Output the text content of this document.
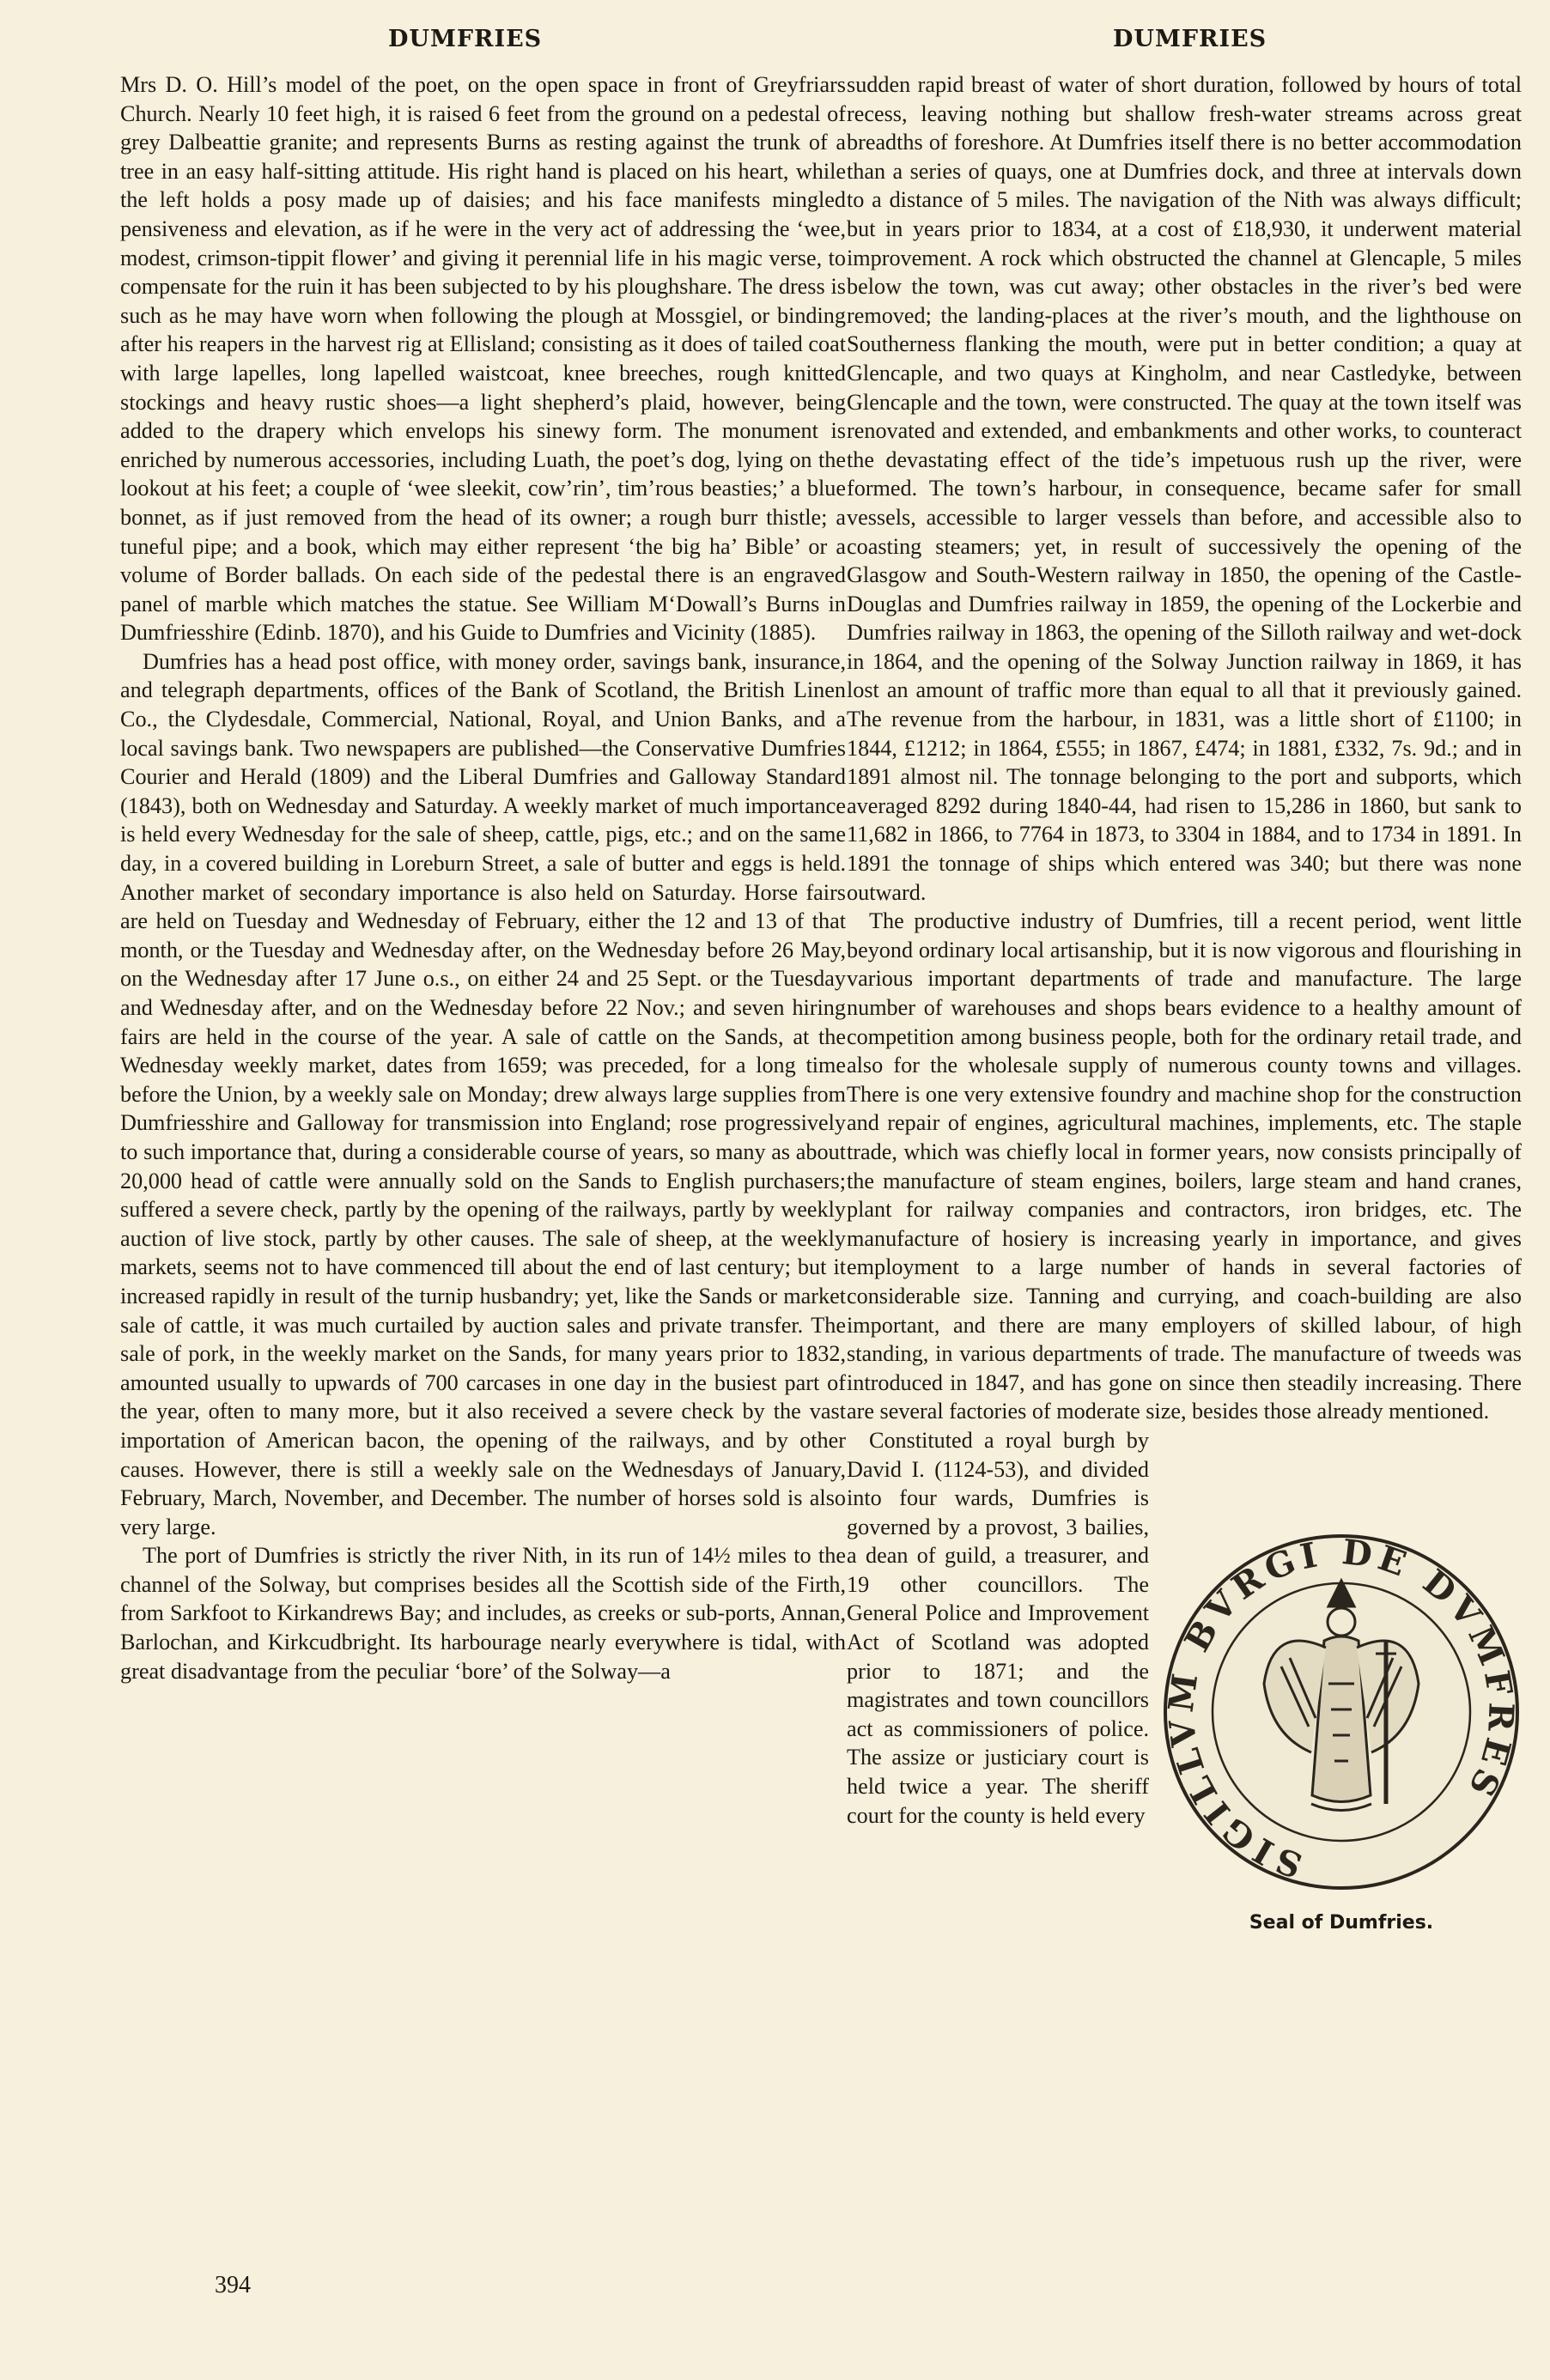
DUMFRIES	DUMFRIES

Mrs D. O. Hill’s model of the poet, on the open space in front of Greyfriars Church. Nearly 10 feet high, it is raised 6 feet from the ground on a pedestal of grey Dalbeattie granite; and represents Burns as resting against the trunk of a tree in an easy half-sitting attitude. His right hand is placed on his heart, while the left holds a posy made up of daisies; and his face manifests mingled pensiveness and elevation, as if he were in the very act of addressing the ‘wee, modest, crimson-tippit flower’ and giving it perennial life in his magic verse, to compensate for the ruin it has been subjected to by his ploughshare. The dress is such as he may have worn when following the plough at Mossgiel, or binding after his reapers in the harvest rig at Ellisland; consisting as it does of tailed coat with large lapelles, long lapelled waistcoat, knee breeches, rough knitted stockings and heavy rustic shoes—a light shepherd’s plaid, however, being added to the drapery which envelops his sinewy form. The monument is enriched by numerous accessories, including Luath, the poet’s dog, lying on the lookout at his feet; a couple of ‘wee sleekit, cow’rin’, tim’rous beasties;’ a blue bonnet, as if just removed from the head of its owner; a rough burr thistle; a tuneful pipe; and a book, which may either represent ‘the big ha’ Bible’ or a volume of Border ballads. On each side of the pedestal there is an engraved panel of marble which matches the statue. See William M‘Dowall’s Burns in Dumfriesshire (Edinb. 1870), and his Guide to Dumfries and Vicinity (1885).

Dumfries has a head post office, with money order, savings bank, insurance, and telegraph departments, offices of the Bank of Scotland, the British Linen Co., the Clydesdale, Commercial, National, Royal, and Union Banks, and a local savings bank. Two newspapers are published—the Conservative Dumfries Courier and Herald (1809) and the Liberal Dumfries and Galloway Standard (1843), both on Wednesday and Saturday. A weekly market of much importance is held every Wednesday for the sale of sheep, cattle, pigs, etc.; and on the same day, in a covered building in Loreburn Street, a sale of butter and eggs is held. Another market of secondary importance is also held on Saturday. Horse fairs are held on Tuesday and Wednesday of February, either the 12 and 13 of that month, or the Tuesday and Wednesday after, on the Wednesday before 26 May, on the Wednesday after 17 June o.s., on either 24 and 25 Sept. or the Tuesday and Wednesday after, and on the Wednesday before 22 Nov.; and seven hiring fairs are held in the course of the year. A sale of cattle on the Sands, at the Wednesday weekly market, dates from 1659; was preceded, for a long time before the Union, by a weekly sale on Monday; drew always large supplies from Dumfriesshire and Galloway for transmission into England; rose progressively to such importance that, during a considerable course of years, so many as about 20,000 head of cattle were annually sold on the Sands to English purchasers; suffered a severe check, partly by the opening of the railways, partly by weekly auction of live stock, partly by other causes. The sale of sheep, at the weekly markets, seems not to have commenced till about the end of last century; but it increased rapidly in result of the turnip husbandry; yet, like the Sands or market sale of cattle, it was much curtailed by auction sales and private transfer. The sale of pork, in the weekly market on the Sands, for many years prior to 1832, amounted usually to upwards of 700 carcases in one day in the busiest part of the year, often to many more, but it also received a severe check by the vast importation of American bacon, the opening of the railways, and by other causes. However, there is still a weekly sale on the Wednesdays of January, February, March, November, and December. The number of horses sold is also very large.

The port of Dumfries is strictly the river Nith, in its run of 14½ miles to the channel of the Solway, but comprises besides all the Scottish side of the Firth, from Sarkfoot to Kirkandrews Bay; and includes, as creeks or sub-ports, Annan, Barlochan, and Kirkcudbright. Its harbourage nearly everywhere is tidal, with great disadvantage from the peculiar ‘bore’ of the Solway—a

sudden rapid breast of water of short duration, followed by hours of total recess, leaving nothing but shallow fresh-water streams across great breadths of foreshore. At Dumfries itself there is no better accommodation than a series of quays, one at Dumfries dock, and three at intervals down to a distance of 5 miles. The navigation of the Nith was always difficult; but in years prior to 1834, at a cost of £18,930, it underwent material improvement. A rock which obstructed the channel at Glencaple, 5 miles below the town, was cut away; other obstacles in the river’s bed were removed; the landing-places at the river’s mouth, and the lighthouse on Southerness flanking the mouth, were put in better condition; a quay at Glencaple, and two quays at Kingholm, and near Castledyke, between Glencaple and the town, were constructed. The quay at the town itself was renovated and extended, and embankments and other works, to counteract the devastating effect of the tide’s impetuous rush up the river, were formed. The town’s harbour, in consequence, became safer for small vessels, accessible to larger vessels than before, and accessible also to coasting steamers; yet, in result of successively the opening of the Glasgow and South-Western railway in 1850, the opening of the Castle-Douglas and Dumfries railway in 1859, the opening of the Lockerbie and Dumfries railway in 1863, the opening of the Silloth railway and wet-dock in 1864, and the opening of the Solway Junction railway in 1869, it has lost an amount of traffic more than equal to all that it previously gained. The revenue from the harbour, in 1831, was a little short of £1100; in 1844, £1212; in 1864, £555; in 1867, £474; in 1881, £332, 7s. 9d.; and in 1891 almost nil. The tonnage belonging to the port and subports, which averaged 8292 during 1840-44, had risen to 15,286 in 1860, but sank to 11,682 in 1866, to 7764 in 1873, to 3304 in 1884, and to 1734 in 1891. In 1891 the tonnage of ships which entered was 340; but there was none outward.

The productive industry of Dumfries, till a recent period, went little beyond ordinary local artisanship, but it is now vigorous and flourishing in various important departments of trade and manufacture. The large number of warehouses and shops bears evidence to a healthy amount of competition among business people, both for the ordinary retail trade, and also for the wholesale supply of numerous county towns and villages. There is one very extensive foundry and machine shop for the construction and repair of engines, agricultural machines, implements, etc. The staple trade, which was chiefly local in former years, now consists principally of the manufacture of steam engines, boilers, large steam and hand cranes, plant for railway companies and contractors, iron bridges, etc. The manufacture of hosiery is increasing yearly in importance, and gives employment to a large number of hands in several factories of considerable size. Tanning and currying, and coach-building are also important, and there are many employers of skilled labour, of high standing, in various departments of trade. The manufacture of tweeds was introduced in 1847, and has gone on since then steadily increasing. There are several factories of moderate size, besides those already mentioned.

SIGILLVM BVRGI DE DVMFRES
Seal of Dumfries.

Constituted a royal burgh by David I. (1124-53), and divided into four wards, Dumfries is governed by a provost, 3 bailies, a dean of guild, a treasurer, and 19 other councillors. The General Police and Improvement Act of Scotland was adopted prior to 1871; and the magistrates and town councillors act as commissioners of police. The assize or justiciary court is held twice a year. The sheriff court for the county is held every

394
